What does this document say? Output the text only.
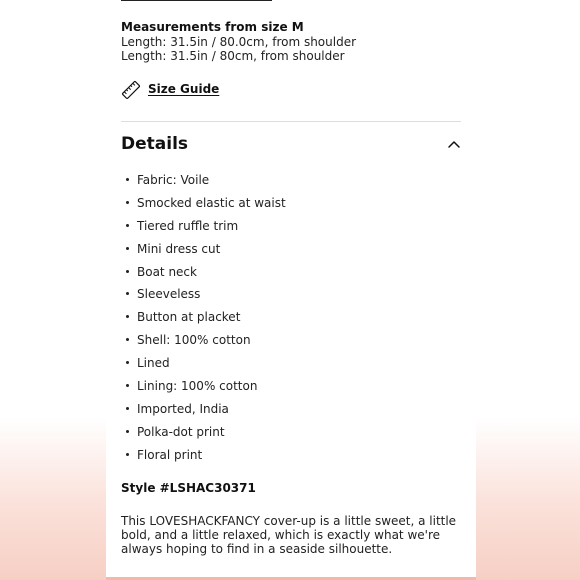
Measurements from size M
Length: 31.5in / 80.0cm, from shoulder
Length: 31.5in / 80cm, from shoulder
Size Guide
Details
Fabric: Voile
Smocked elastic at waist
Tiered ruffle trim
Mini dress cut
Boat neck
Sleeveless
Button at placket
Shell: 100% cotton
Lined
Lining: 100% cotton
Imported, India
Polka-dot print
Floral print
Style #LSHAC30371
This LOVESHACKFANCY cover-up is a little sweet, a little bold, and a little relaxed, which is exactly what we're always hoping to find in a seaside silhouette.
